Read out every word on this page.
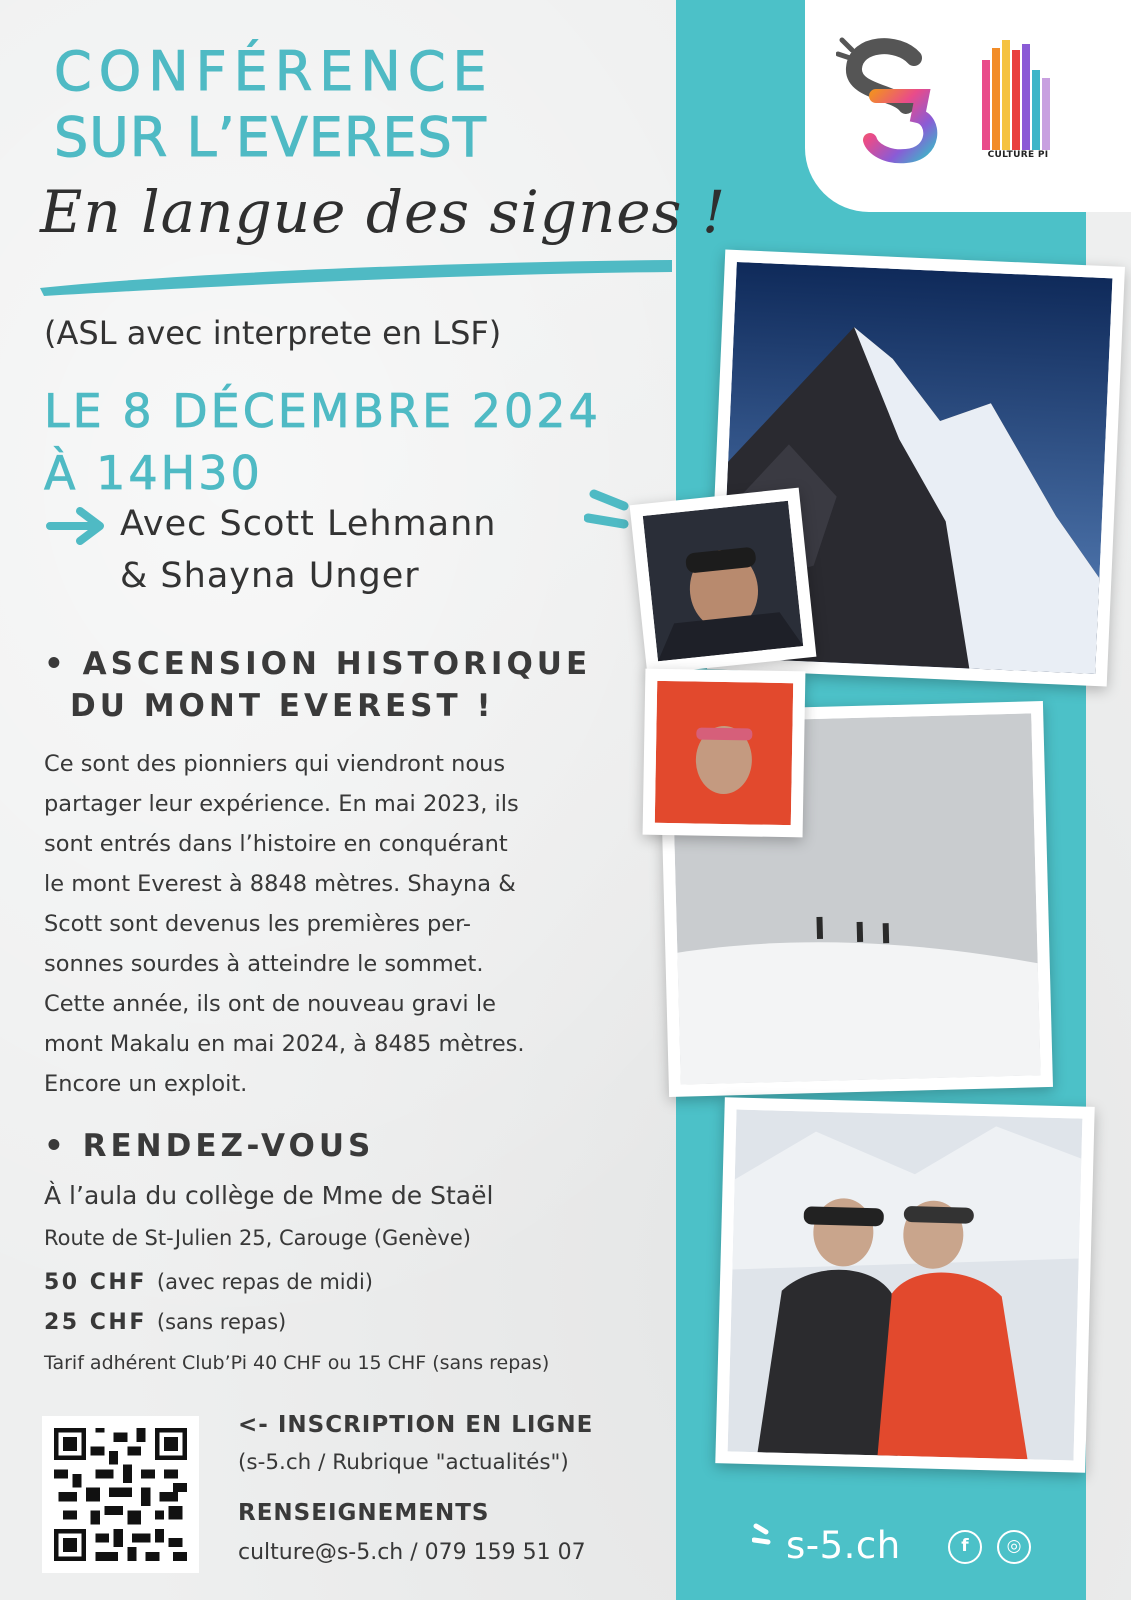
CULTURE PI
CONFÉRENCE
SUR L’EVEREST
En langue des signes !
(ASL avec interprete en LSF)
LE 8 DÉCEMBRE 2024
À 14H30
Avec Scott Lehmann
& Shayna Unger
• ASCENSION HISTORIQUE
DU MONT EVEREST !
Ce sont des pionniers qui viendront nous
partager leur expérience. En mai 2023, ils
sont entrés dans l’histoire en conquérant
le mont Everest à 8848 mètres. Shayna &
Scott sont devenus les premières per-
sonnes sourdes à atteindre le sommet.
Cette année, ils ont de nouveau gravi le
mont Makalu en mai 2024, à 8485 mètres.
Encore un exploit.
• RENDEZ-VOUS
À l’aula du collège de Mme de Staël
Route de St-Julien 25, Carouge (Genève)
50 CHF (avec repas de midi)
25 CHF (sans repas)
Tarif adhérent Club’Pi 40 CHF ou 15 CHF (sans repas)
<- INSCRIPTION EN LIGNE
(s-5.ch / Rubrique "actualités")
RENSEIGNEMENTS
culture@s-5.ch / 079 159 51 07	s-5.ch	f	◎
